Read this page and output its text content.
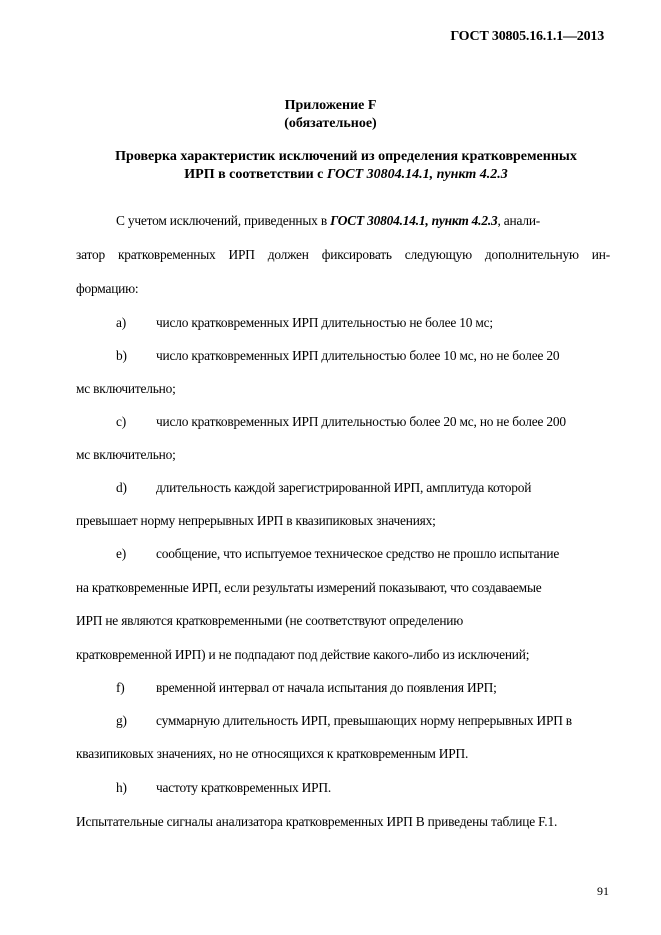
ГОСТ 30805.16.1.1—2013
Приложение F
(обязательное)
Проверка характеристик исключений из определения кратковременных
ИРП в соответствии с ГОСТ 30804.14.1, пункт 4.2.3
С учетом исключений, приведенных в ГОСТ 30804.14.1, пункт 4.2.3, анали-
затор кратковременных ИРП должен фиксировать следующую дополнительную ин-
формацию:
a) число кратковременных ИРП длительностью не более 10 мс;
b) число кратковременных ИРП длительностью более 10 мс, но не более 20
мс включительно;
c) число кратковременных ИРП длительностью более 20 мс, но не более 200
мс включительно;
d) длительность каждой зарегистрированной ИРП, амплитуда которой
превышает норму непрерывных ИРП в квазипиковых значениях;
e) сообщение, что испытуемое техническое средство не прошло испытание
на кратковременные ИРП, если результаты измерений показывают, что создаваемые
ИРП не являются кратковременными (не соответствуют определению
кратковременной ИРП) и не подпадают под действие какого-либо из исключений;
f) временной интервал от начала испытания до появления ИРП;
g) суммарную длительность ИРП, превышающих норму непрерывных ИРП в
квазипиковых значениях, но не относящихся к кратковременным ИРП.
h) частоту кратковременных ИРП.
Испытательные сигналы анализатора кратковременных ИРП В приведены таблице F.1.
91
